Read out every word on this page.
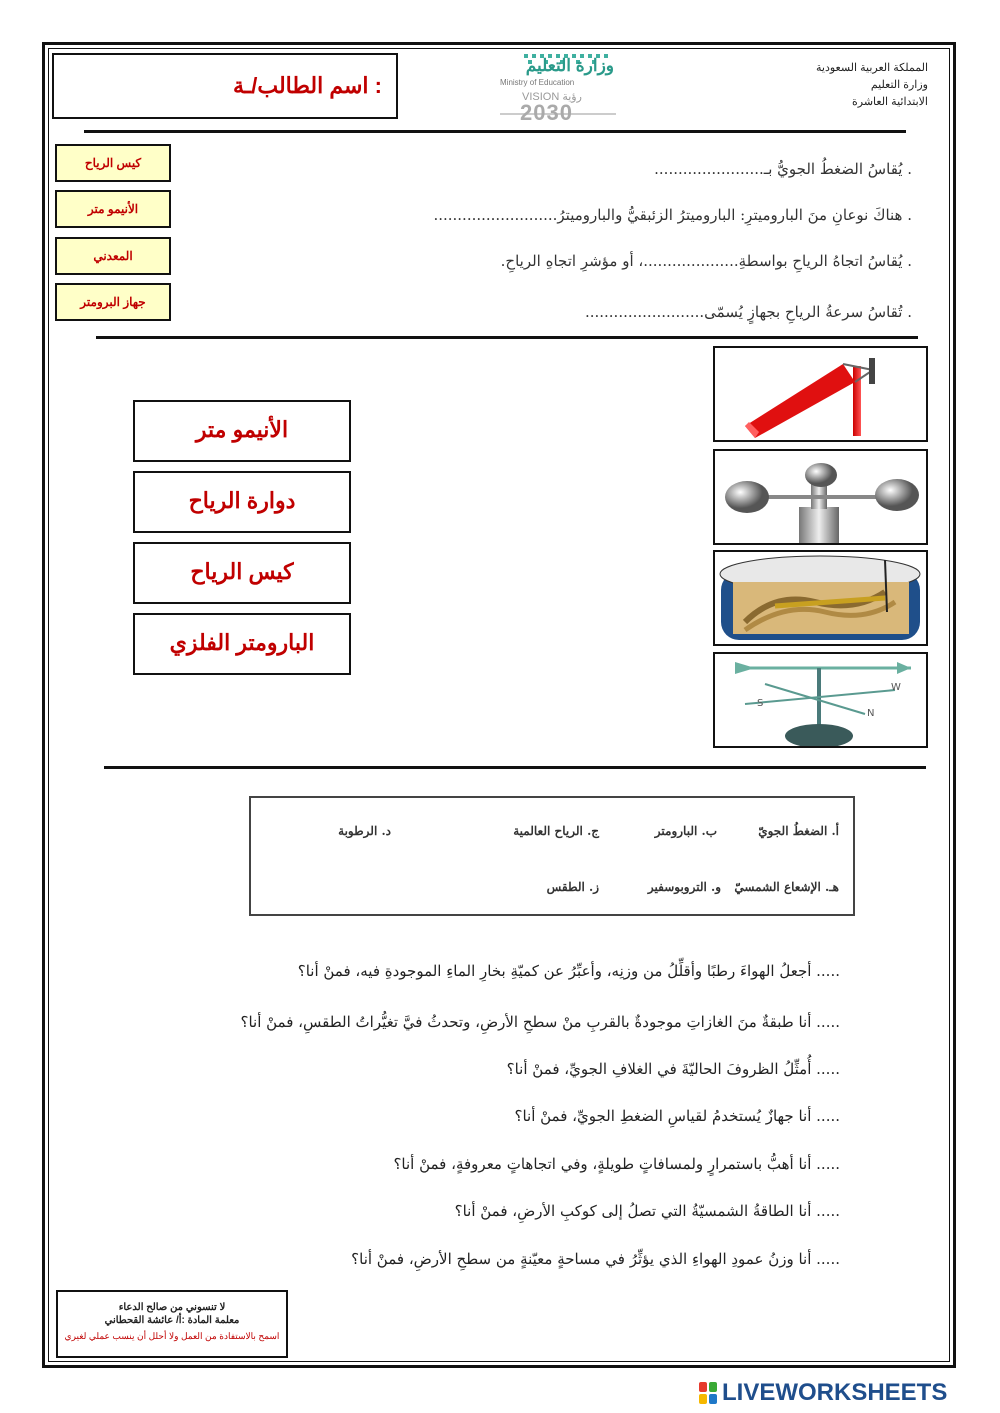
المملكة العربية السعودية
وزارة التعليم
الابتدائية العاشرة
وزارة التعليم
Ministry of Education
VISION رؤية
2030
اسم الطالب/ـة :
كيس الرياح
الأنيمو متر
المعدني
جهاز البرومتر
. يُقاسُ الضغطُ الجويُّ بـ.......................
. هناكَ نوعانِ منَ الباروميترِ: الباروميترُ الزئبقيُّ والباروميترُ..........................
. يُقاسُ اتجاهُ الرياحِ بواسطةِ....................، أو مؤشرِ اتجاهِ الرياحِ.
. تُقاسُ سرعةُ الرياحِ بجهازٍ يُسمّى.........................
الأنيمو متر
دوارة الرياح
كيس الرياح
البارومتر الفلزي
W
S
N
أ. الضغطُ الجويّ
ب. البارومتر
ج. الرياح العالمية
د. الرطوبة
هـ. الإشعاع الشمسيّ
و. التروبوسفير
ز. الطقس
..... أجعلُ الهواءَ رطبًا وأقلِّلُ من وزنِه، وأعبِّرُ عن كميّةِ بخارِ الماءِ الموجودةِ فيه، فمنْ أنا؟
..... أنا طبقةٌ منَ الغازاتِ موجودةٌ بالقربِ منْ سطحِ الأرضِ، وتحدثُ فيَّ تغيُّراتُ الطقسِ، فمنْ أنا؟
..... أُمثِّلُ الظروفَ الحاليّةَ في الغلافِ الجويِّ، فمنْ أنا؟
..... أنا جهازٌ يُستخدمُ لقياسِ الضغطِ الجويِّ، فمنْ أنا؟
..... أنا أهبُّ باستمرارٍ ولمسافاتٍ طويلةٍ، وفي اتجاهاتٍ معروفةٍ، فمنْ أنا؟
..... أنا الطاقةُ الشمسيّةُ التي تصلُ إلى كوكبِ الأرضِ، فمنْ أنا؟
..... أنا وزنُ عمودِ الهواءِ الذي يؤثِّرُ في مساحةٍ معيّنةٍ من سطحِ الأرضِ، فمنْ أنا؟
لا تنسوني من صالح الدعاء
معلمة المادة :أ/ عائشة القحطاني
اسمح بالاستفادة من العمل ولا أحلل أن ينسب عملي لغيري
LIVEWORKSHEETS
